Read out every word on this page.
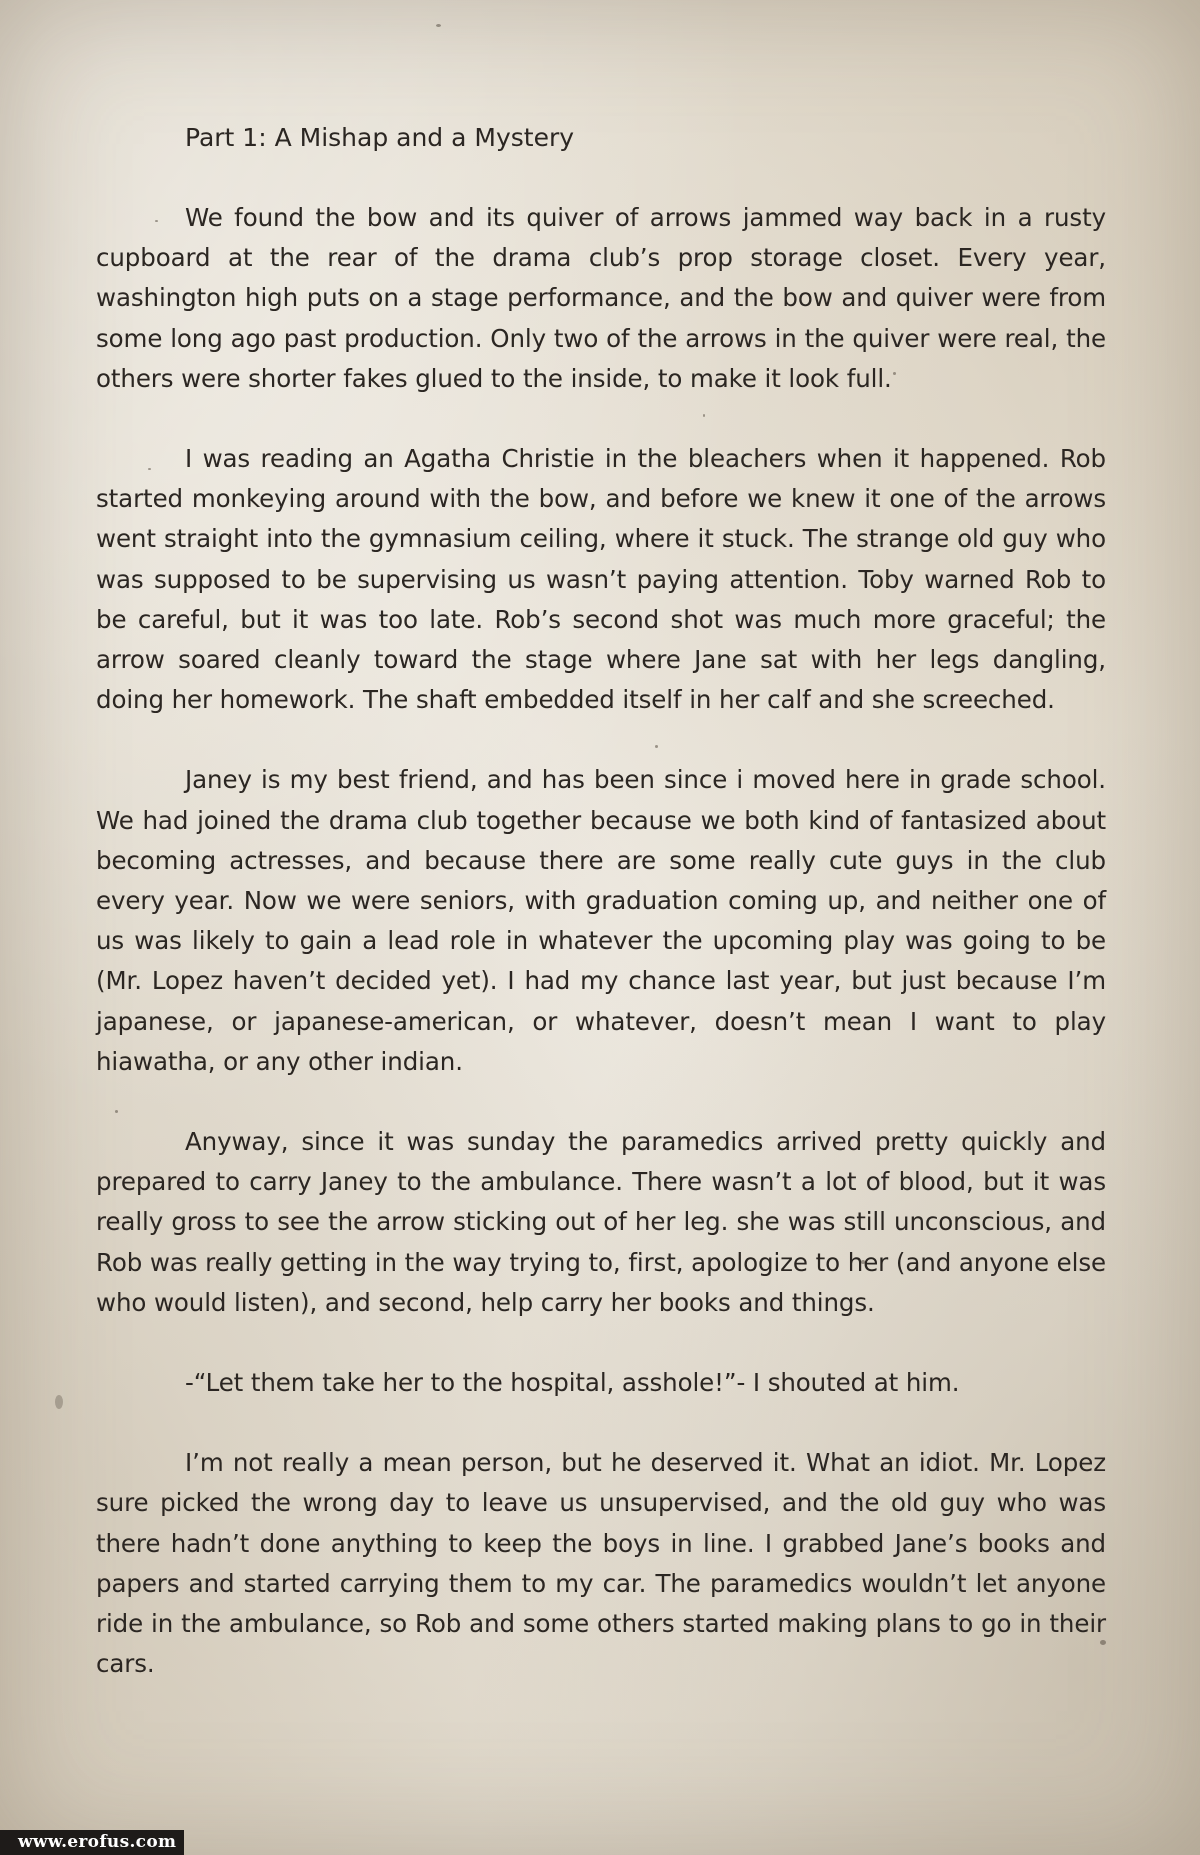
Part 1: A Mishap and a Mystery

We found the bow and its quiver of arrows jammed way back in a rusty cupboard at the rear of the drama club’s prop storage closet. Every year, washington high puts on a stage performance, and the bow and quiver were from some long ago past production. Only two of the arrows in the quiver were real, the others were shorter fakes glued to the inside, to make it look full.

I was reading an Agatha Christie in the bleachers when it happened. Rob started monkeying around with the bow, and before we knew it one of the arrows went straight into the gymnasium ceiling, where it stuck. The strange old guy who was supposed to be supervising us wasn’t paying attention. Toby warned Rob to be careful, but it was too late. Rob’s second shot was much more graceful; the arrow soared cleanly toward the stage where Jane sat with her legs dangling, doing her homework. The shaft embedded itself in her calf and she screeched.

Janey is my best friend, and has been since i moved here in grade school. We had joined the drama club together because we both kind of fantasized about becoming actresses, and because there are some really cute guys in the club every year. Now we were seniors, with graduation coming up, and neither one of us was likely to gain a lead role in whatever the upcoming play was going to be (Mr. Lopez haven’t decided yet). I had my chance last year, but just because I’m japanese, or japanese-american, or whatever, doesn’t mean I want to play hiawatha, or any other indian.

Anyway, since it was sunday the paramedics arrived pretty quickly and prepared to carry Janey to the ambulance. There wasn’t a lot of blood, but it was really gross to see the arrow sticking out of her leg. she was still unconscious, and Rob was really getting in the way trying to, first, apologize to her (and anyone else who would listen), and second, help carry her books and things.

-“Let them take her to the hospital, asshole!”- I shouted at him.

I’m not really a mean person, but he deserved it. What an idiot. Mr. Lopez sure picked the wrong day to leave us unsupervised, and the old guy who was there hadn’t done anything to keep the boys in line. I grabbed Jane’s books and papers and started carrying them to my car. The paramedics wouldn’t let anyone ride in the ambulance, so Rob and some others started making plans to go in their cars.

www.erofus.com
